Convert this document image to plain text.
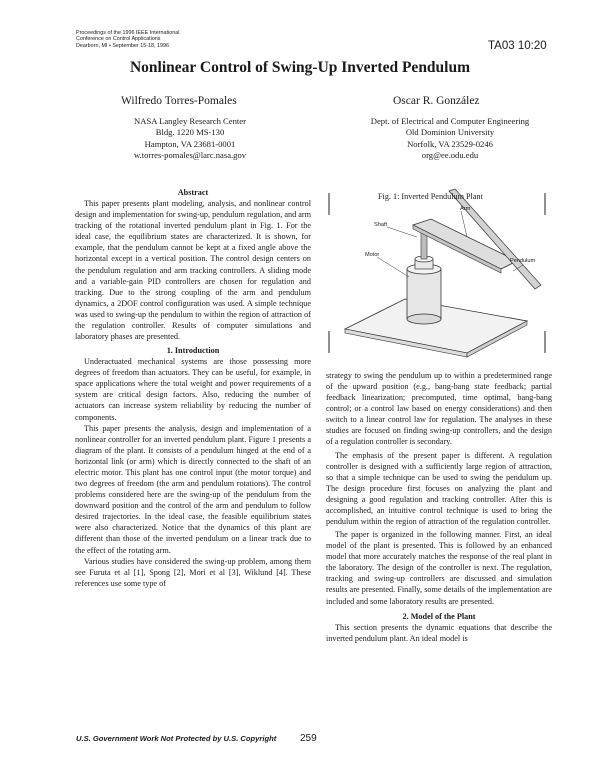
Proceedings of the 1996 IEEE International
Conference on Control Applications
Dearborn, MI • September 15-18, 1996	TA03 10:20
Nonlinear Control of Swing-Up Inverted Pendulum
Wilfredo Torres-Pomales
NASA Langley Research Center
Bldg. 1220 MS-130
Hampton, VA 23681-0001
w.torres-pomales@larc.nasa.gov
Oscar R. González
Dept. of Electrical and Computer Engineering
Old Dominion University
Norfolk, VA 23529-0246
org@ee.odu.edu

Abstract

This paper presents plant modeling, analysis, and nonlinear control design and implementation for swing-up, pendulum regulation, and arm tracking of the rotational inverted pendulum plant in Fig. 1. For the ideal case, the equilibrium states are characterized. It is shown, for example, that the pendulum cannot be kept at a fixed angle above the horizontal except in a vertical position. The control design centers on the pendulum regulation and arm tracking controllers. A sliding mode and a variable-gain PID controllers are chosen for regulation and tracking. Due to the strong coupling of the arm and pendulum dynamics, a 2DOF control configuration was used. A simple technique was used to swing-up the pendulum to within the region of attraction of the regulation controller. Results of computer simulations and laboratory phases are presented.

1. Introduction

Underactuated mechanical systems are those possessing more degrees of freedom than actuators. They can be useful, for example, in space applications where the total weight and power requirements of a system are critical design factors. Also, reducing the number of actuators can increase system reliability by reducing the number of components.

This paper presents the analysis, design and implementation of a nonlinear controller for an inverted pendulum plant. Figure 1 presents a diagram of the plant. It consists of a pendulum hinged at the end of a horizontal link (or arm) which is directly connected to the shaft of an electric motor. This plant has one control input (the motor torque) and two degrees of freedom (the arm and pendulum rotations). The control problems considered here are the swing-up of the pendulum from the downward position and the control of the arm and pendulum to follow desired trajectories. In the ideal case, the feasible equilibrium states were also characterized. Notice that the dynamics of this plant are different than those of the inverted pendulum on a linear track due to the effect of the rotating arm.

Various studies have considered the swing-up problem, among them see Furuta et al [1], Spong [2], Mori et al [3], Wiklund [4]. These references use some type of

Fig. 1: Inverted Pendulum Plant
Arm
Shaft
Pendulum
Motor

strategy to swing the pendulum up to within a predetermined range of the upward position (e.g., bang-bang state feedback; partial feedback linearization; precomputed, time optimal, bang-bang control; or a control law based on energy considerations) and then switch to a linear control law for regulation. The analyses in these studies are focused on finding swing-up controllers, and the design of a regulation controller is secondary.

The emphasis of the present paper is different. A regulation controller is designed with a sufficiently large region of attraction, so that a simple technique can be used to swing the pendulum up. The design procedure first focuses on analyzing the plant and designing a good regulation and tracking controller. After this is accomplished, an intuitive control technique is used to bring the pendulum within the region of attraction of the regulation controller.

The paper is organized in the following manner. First, an ideal model of the plant is presented. This is followed by an enhanced model that more accurately matches the response of the real plant in the laboratory. The design of the controller is next. The regulation, tracking and swing-up controllers are discussed and simulation results are presented. Finally, some details of the implementation are included and some laboratory results are presented.

2. Model of the Plant

This section presents the dynamic equations that describe the inverted pendulum plant. An ideal model is

U.S. Government Work Not Protected by U.S. Copyright 259
